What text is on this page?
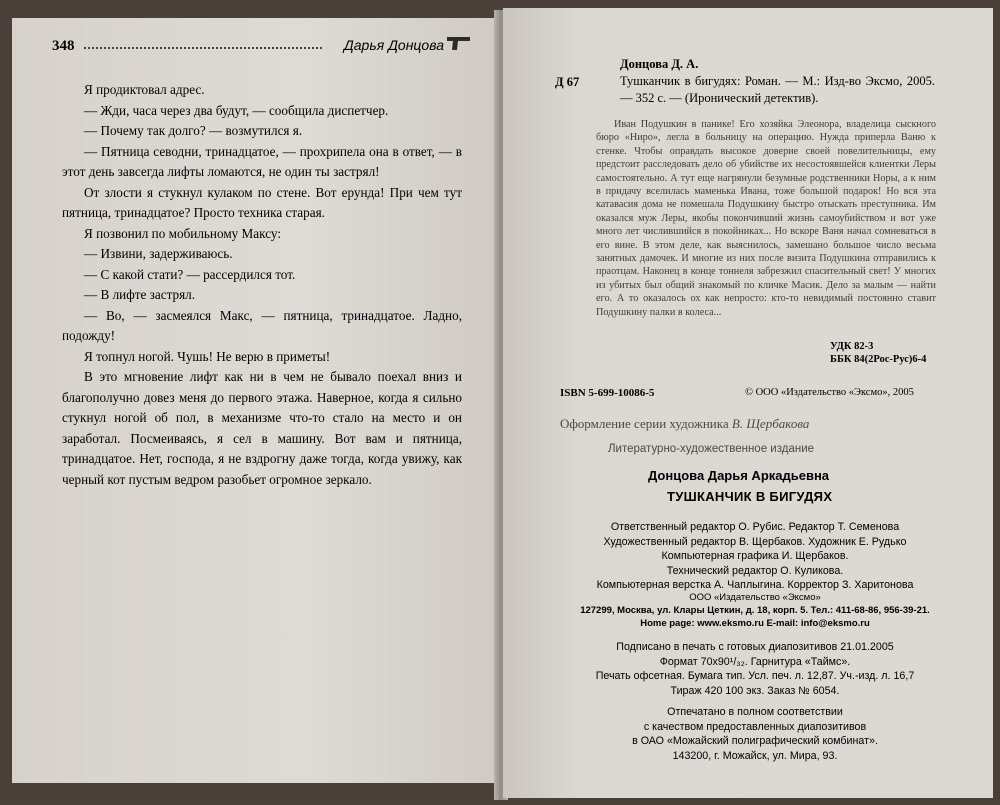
348	Дарья Донцова

Я продиктовал адрес.

— Жди, часа через два будут, — сообщила диспетчер.

— Почему так долго? — возмутился я.

— Пятница севодни, тринадцатое, — прохрипела она в ответ, — в этот день завсегда лифты ломаются, не один ты застрял!

От злости я стукнул кулаком по стене. Вот ерунда! При чем тут пятница, тринадцатое? Просто техника старая.

Я позвонил по мобильному Максу:

— Извини, задерживаюсь.

— С какой стати? — рассердился тот.

— В лифте застрял.

— Во, — засмеялся Макс, — пятница, тринадцатое. Ладно, подожду!

Я топнул ногой. Чушь! Не верю в приметы!

В это мгновение лифт как ни в чем не бывало поехал вниз и благополучно довез меня до первого этажа. Наверное, когда я сильно стукнул ногой об пол, в механизме что-то стало на место и он заработал. Посмеиваясь, я сел в машину. Вот вам и пятница, тринадцатое. Нет, господа, я не вздрогну даже тогда, когда увижу, как черный кот пустым ведром разобьет огромное зеркало.

Д 67
Донцова Д. А.
Тушканчик в бигудях: Роман. — М.: Изд-во Эксмо, 2005. — 352 с. — (Иронический детектив).

Иван Подушкин в панике! Его хозяйка Элеонора, владелица сыскного бюро «Ниро», легла в больницу на операцию. Нужда приперла Ваню к стенке. Чтобы оправдать высокое доверие своей повелительницы, ему предстоит расследовать дело об убийстве их несостоявшейся клиентки Леры самостоятельно. А тут еще нагрянули безумные родственники Норы, а к ним в придачу вселилась маменька Ивана, тоже большой подарок! Но вся эта катавасия дома не помешала Подушкину быстро отыскать преступника. Им оказался муж Леры, якобы покончивший жизнь самоубийством и вот уже много лет числившийся в покойниках... Но вскоре Ваня начал сомневаться в его вине. В этом деле, как выяснилось, замешано большое число весьма занятных дамочек. И многие из них после визита Подушкина отправились к праотцам. Наконец в конце тоннеля забрезжил спасительный свет! У многих из убитых был общий знакомый по кличке Масик. Дело за малым — найти его. А то оказалось ох как непросто: кто-то невидимый постоянно ставит Подушкину палки в колеса...

УДК 82-3
ББК 84(2Рос-Рус)6-4
ISBN 5-699-10086-5	© ООО «Издательство «Эксмо», 2005
Оформление серии художника В. Щербакова
Литературно-художественное издание
Донцова Дарья Аркадьевна
ТУШКАНЧИК В БИГУДЯХ
Ответственный редактор О. Рубис. Редактор Т. Семенова
Художественный редактор В. Щербаков. Художник Е. Рудько
Компьютерная графика И. Щербаков.
Технический редактор О. Куликова.
Компьютерная верстка А. Чаплыгина. Корректор З. Харитонова
ООО «Издательство «Эксмо»
127299, Москва, ул. Клары Цеткин, д. 18, корп. 5. Тел.: 411-68-86, 956-39-21.
Home page: www.eksmo.ru E-mail: info@eksmo.ru
Подписано в печать с готовых диапозитивов 21.01.2005
Формат 70х90¹/₃₂. Гарнитура «Таймс».
Печать офсетная. Бумага тип. Усл. печ. л. 12,87. Уч.-изд. л. 16,7
Тираж 420 100 экз. Заказ № 6054.
Отпечатано в полном соответствии
с качеством предоставленных диапозитивов
в ОАО «Можайский полиграфический комбинат».
143200, г. Можайск, ул. Мира, 93.
